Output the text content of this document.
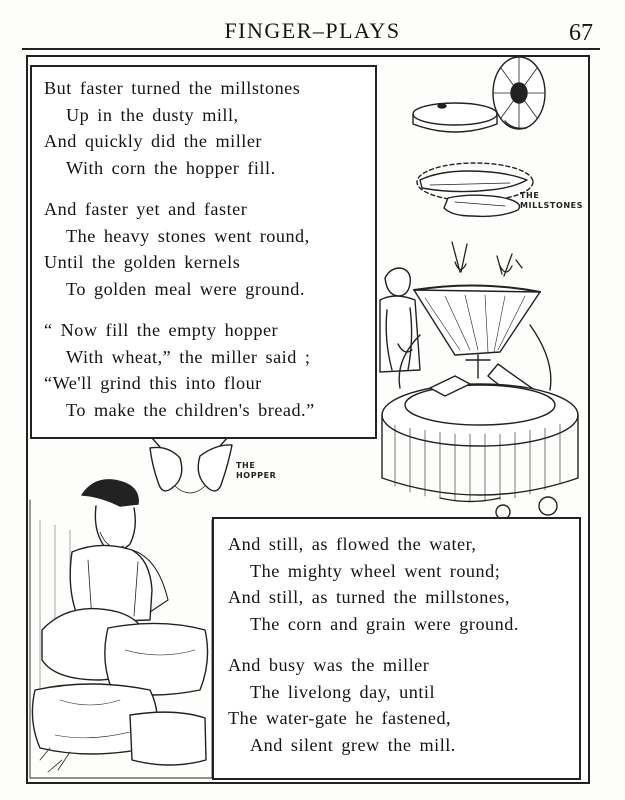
FINGER–PLAYS	67
THE
MILLSTONES
THE
HOPPER
But faster turned the millstones
Up in the dusty mill,
And quickly did the miller
With corn the hopper fill.
And faster yet and faster
The heavy stones went round,
Until the golden kernels
To golden meal were ground.
“ Now fill the empty hopper
With wheat,” the miller said ;
“We'll grind this into flour
To make the children's bread.”
And still, as flowed the water,
The mighty wheel went round;
And still, as turned the millstones,
The corn and grain were ground.
And busy was the miller
The livelong day, until
The water-gate he fastened,
And silent grew the mill.
